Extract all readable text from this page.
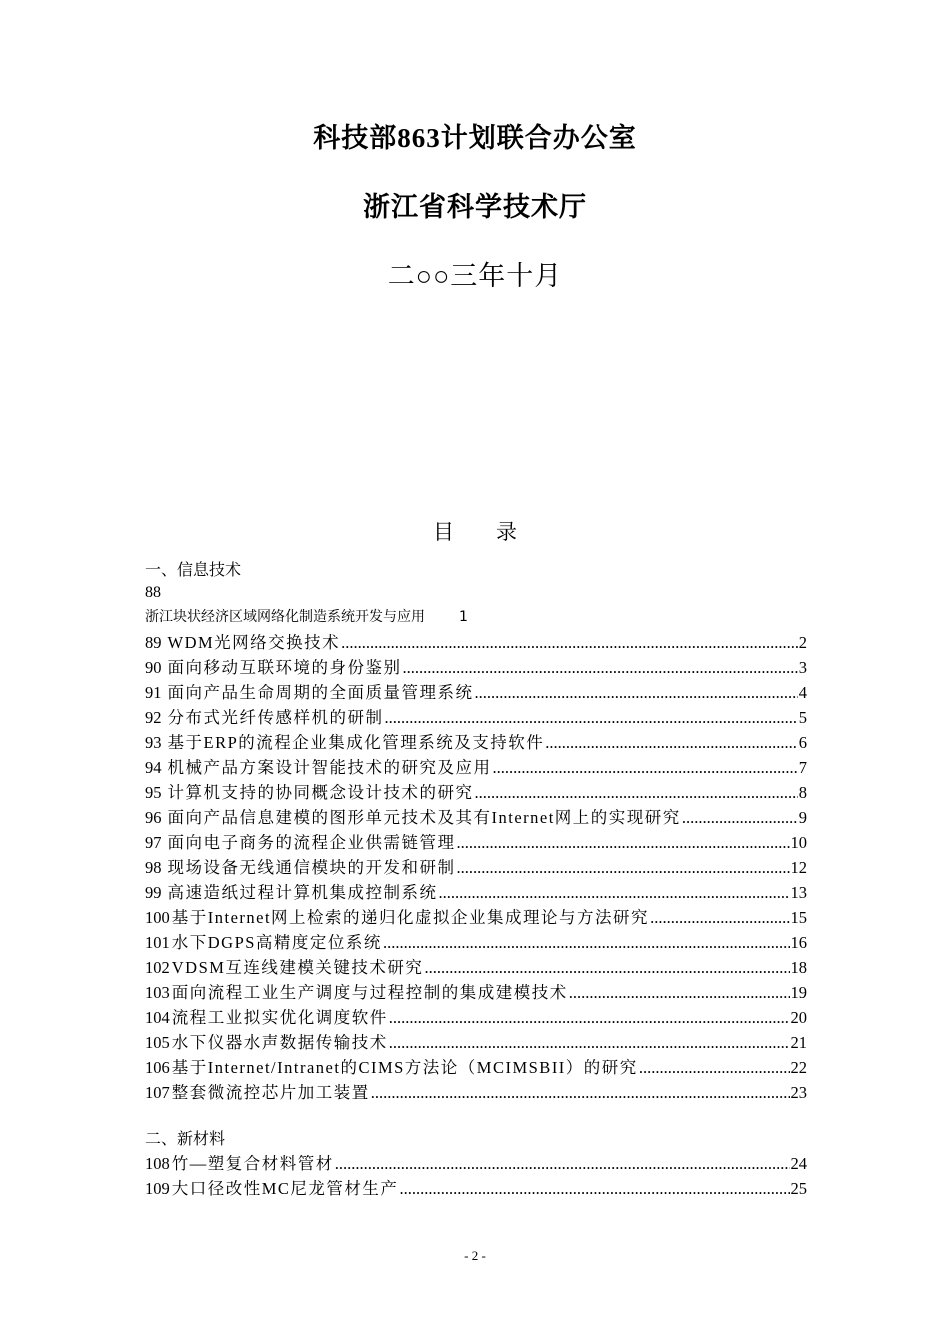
科技部863计划联合办公室
浙江省科学技术厅
二○○三年十月
目 录
一、信息技术
88
浙江块状经济区域网络化制造系统开发与应用 1
89 WDM光网络交换技术 .....	2
90 面向移动互联环境的身份鉴别 .....	3
91 面向产品生命周期的全面质量管理系统 .....	4
92 分布式光纤传感样机的研制 .....	5
93 基于ERP的流程企业集成化管理系统及支持软件 .....	6
94 机械产品方案设计智能技术的研究及应用 .....	7
95 计算机支持的协同概念设计技术的研究 .....	8
96 面向产品信息建模的图形单元技术及其有Internet网上的实现研究 .....	9
97 面向电子商务的流程企业供需链管理 .....	10
98 现场设备无线通信模块的开发和研制 .....	12
99 高速造纸过程计算机集成控制系统 .....	13
100 基于Internet网上检索的递归化虚拟企业集成理论与方法研究 .....	15
101 水下DGPS高精度定位系统 .....	16
102 VDSM互连线建模关键技术研究 .....	18
103 面向流程工业生产调度与过程控制的集成建模技术 .....	19
104 流程工业拟实优化调度软件 .....	20
105 水下仪器水声数据传输技术 .....	21
106 基于Internet/Intranet的CIMS方法论（MCIMSBII）的研究 .....	22
107 整套微流控芯片加工装置 .....	23
二、新材料
108 竹—塑复合材料管材 .....	24
109 大口径改性MC尼龙管材生产 .....	25
- 2 -
